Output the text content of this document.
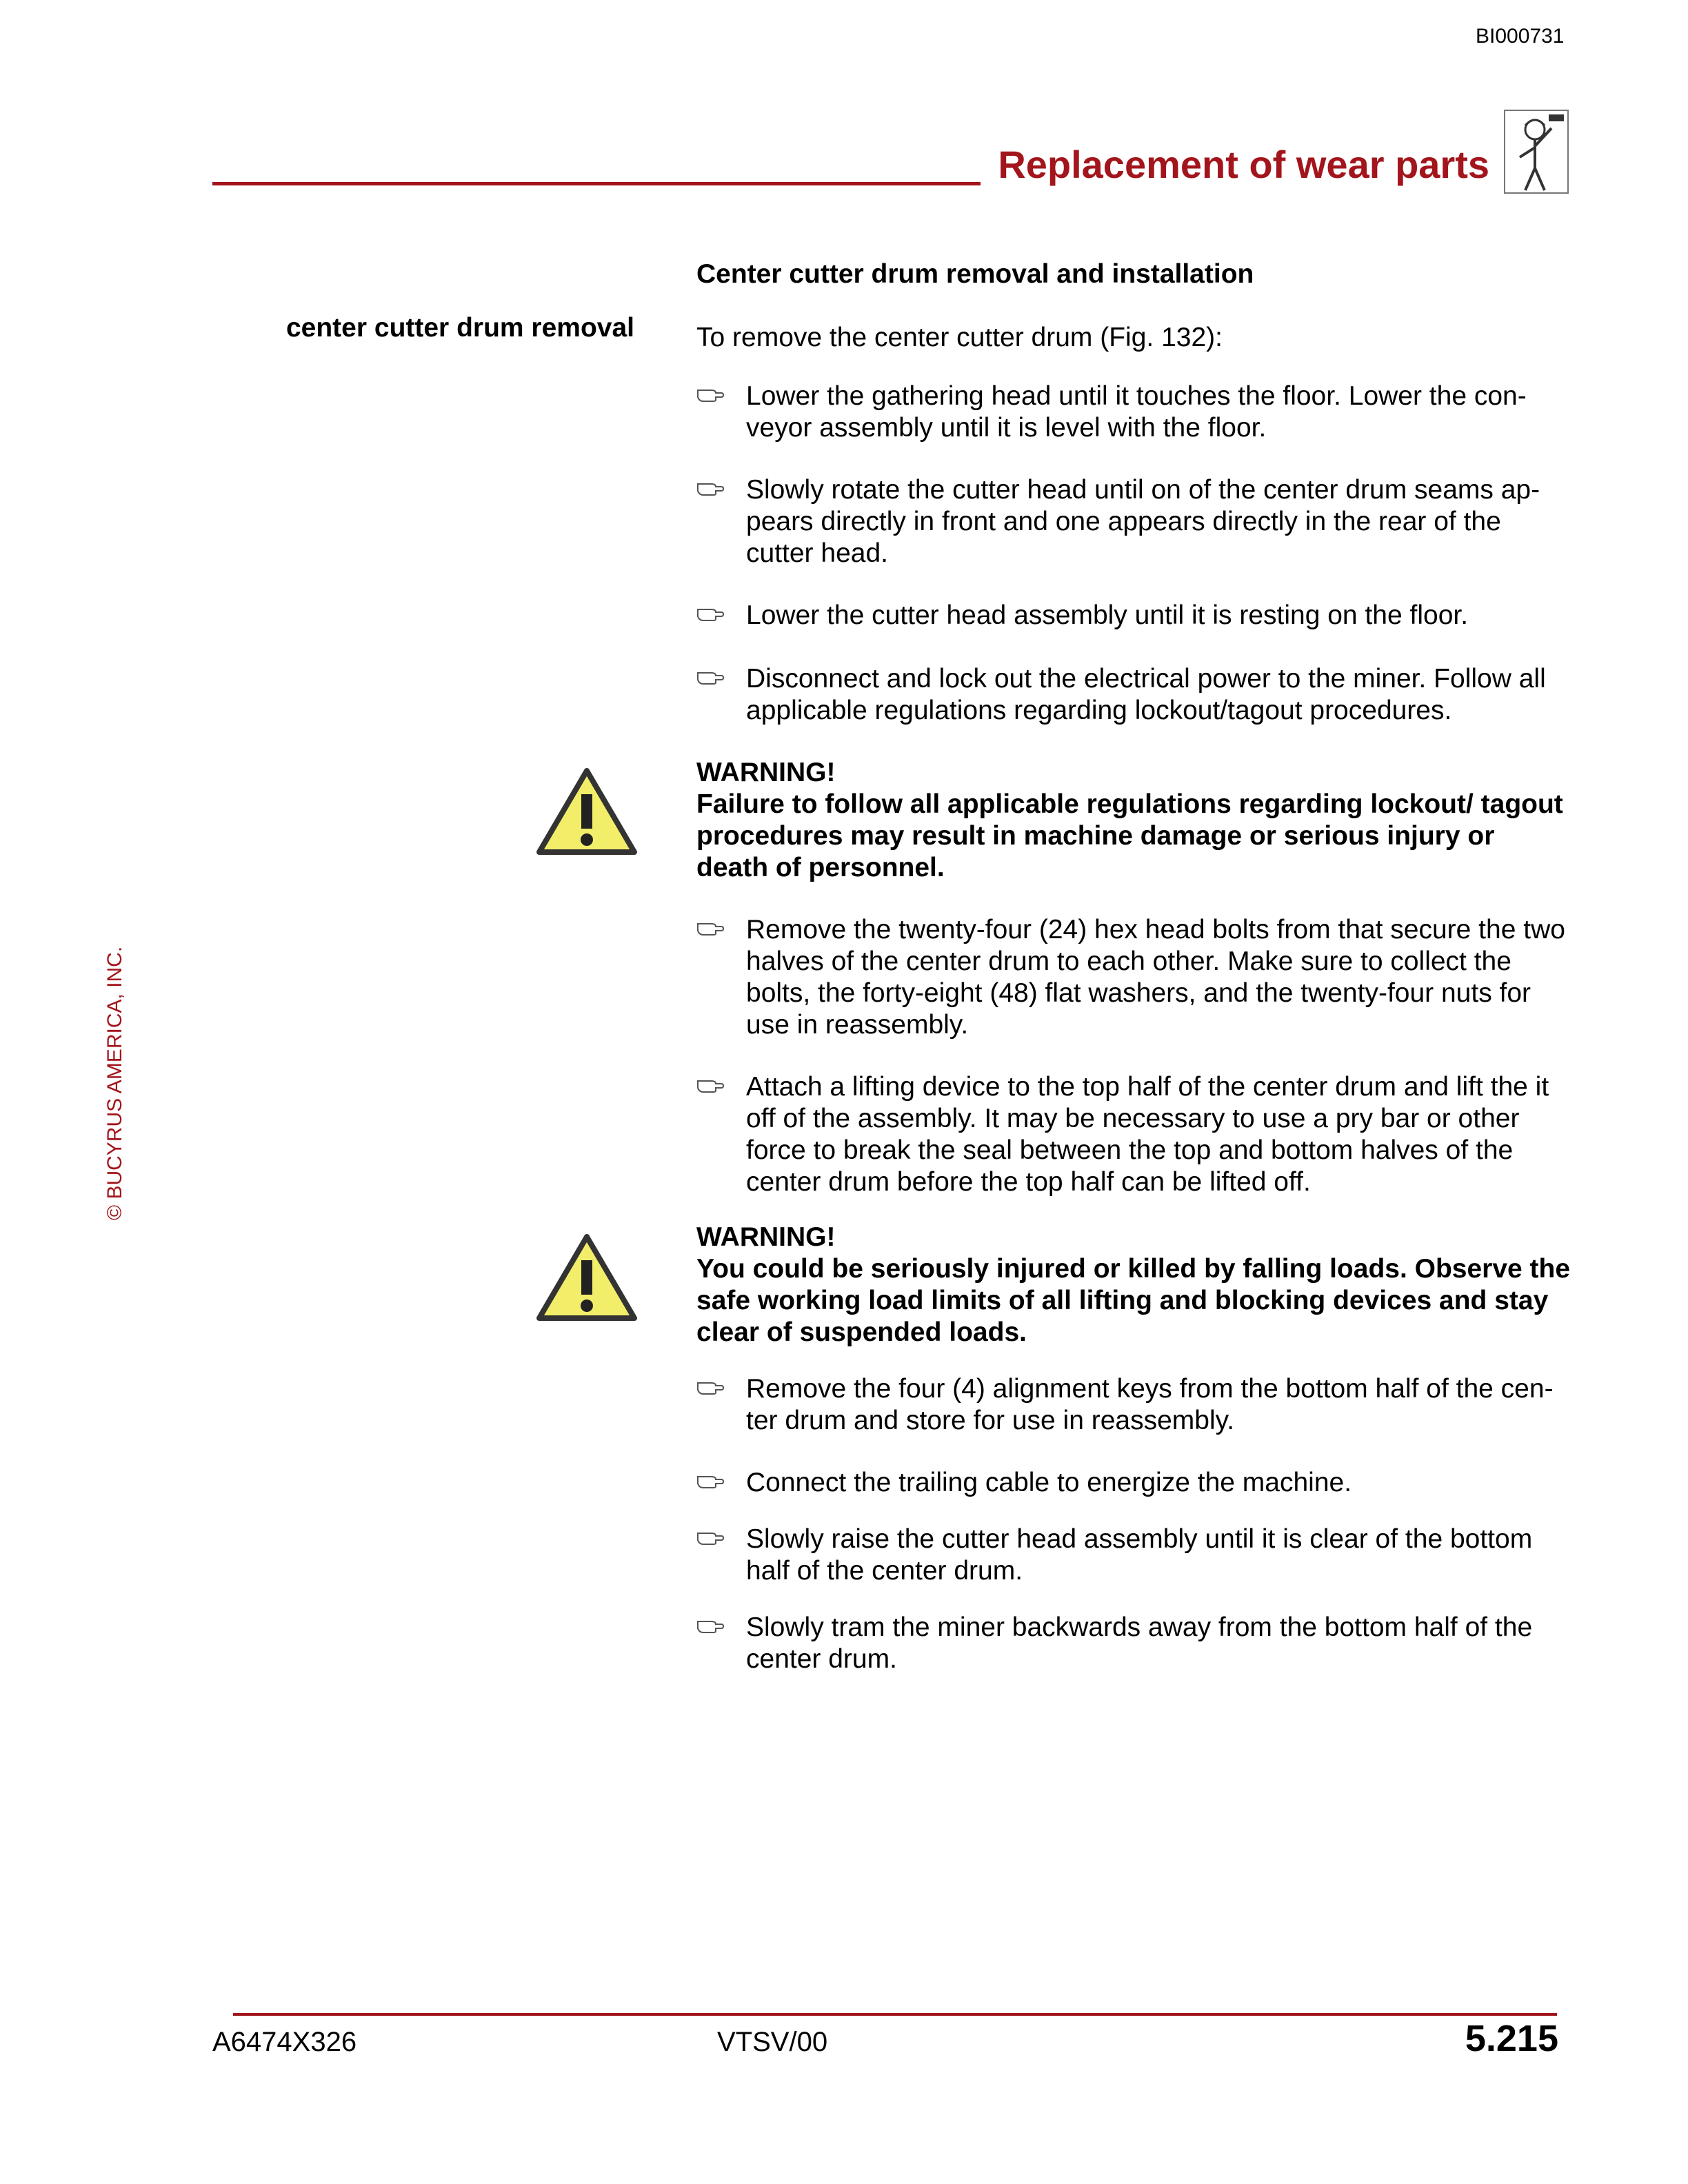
BI000731
Replacement of wear parts
center cutter drum removal
© BUCYRUS AMERICA, INC.
Center cutter drum removal and installation
To remove the center cutter drum (Fig. 132):
Lower the gathering head until it touches the floor. Lower the con-veyor assembly until it is level with the floor.
Slowly rotate the cutter head until on of the center drum seams ap-pears directly in front and one appears directly in the rear of the cutter head.
Lower the cutter head assembly until it is resting on the floor.
Disconnect and lock out the electrical power to the miner. Follow all applicable regulations regarding lockout/tagout procedures.
WARNING!
Failure to follow all applicable regulations regarding lockout/ tagout procedures may result in machine damage or serious injury or death of personnel.
Remove the twenty-four (24) hex head bolts from that secure the two halves of the center drum to each other. Make sure to collect the bolts, the forty-eight (48) flat washers, and the twenty-four nuts for use in reassembly.
Attach a lifting device to the top half of the center drum and lift the it off of the assembly. It may be necessary to use a pry bar or other force to break the seal between the top and bottom halves of the center drum before the top half can be lifted off.
WARNING!
You could be seriously injured or killed by falling loads. Observe the safe working load limits of all lifting and blocking devices and stay clear of suspended loads.
Remove the four (4) alignment keys from the bottom half of the cen-ter drum and store for use in reassembly.
Connect the trailing cable to energize the machine.
Slowly raise the cutter head assembly until it is clear of the bottom half of the center drum.
Slowly tram the miner backwards away from the bottom half of the center drum.
A6474X326	VTSV/00	5.215
